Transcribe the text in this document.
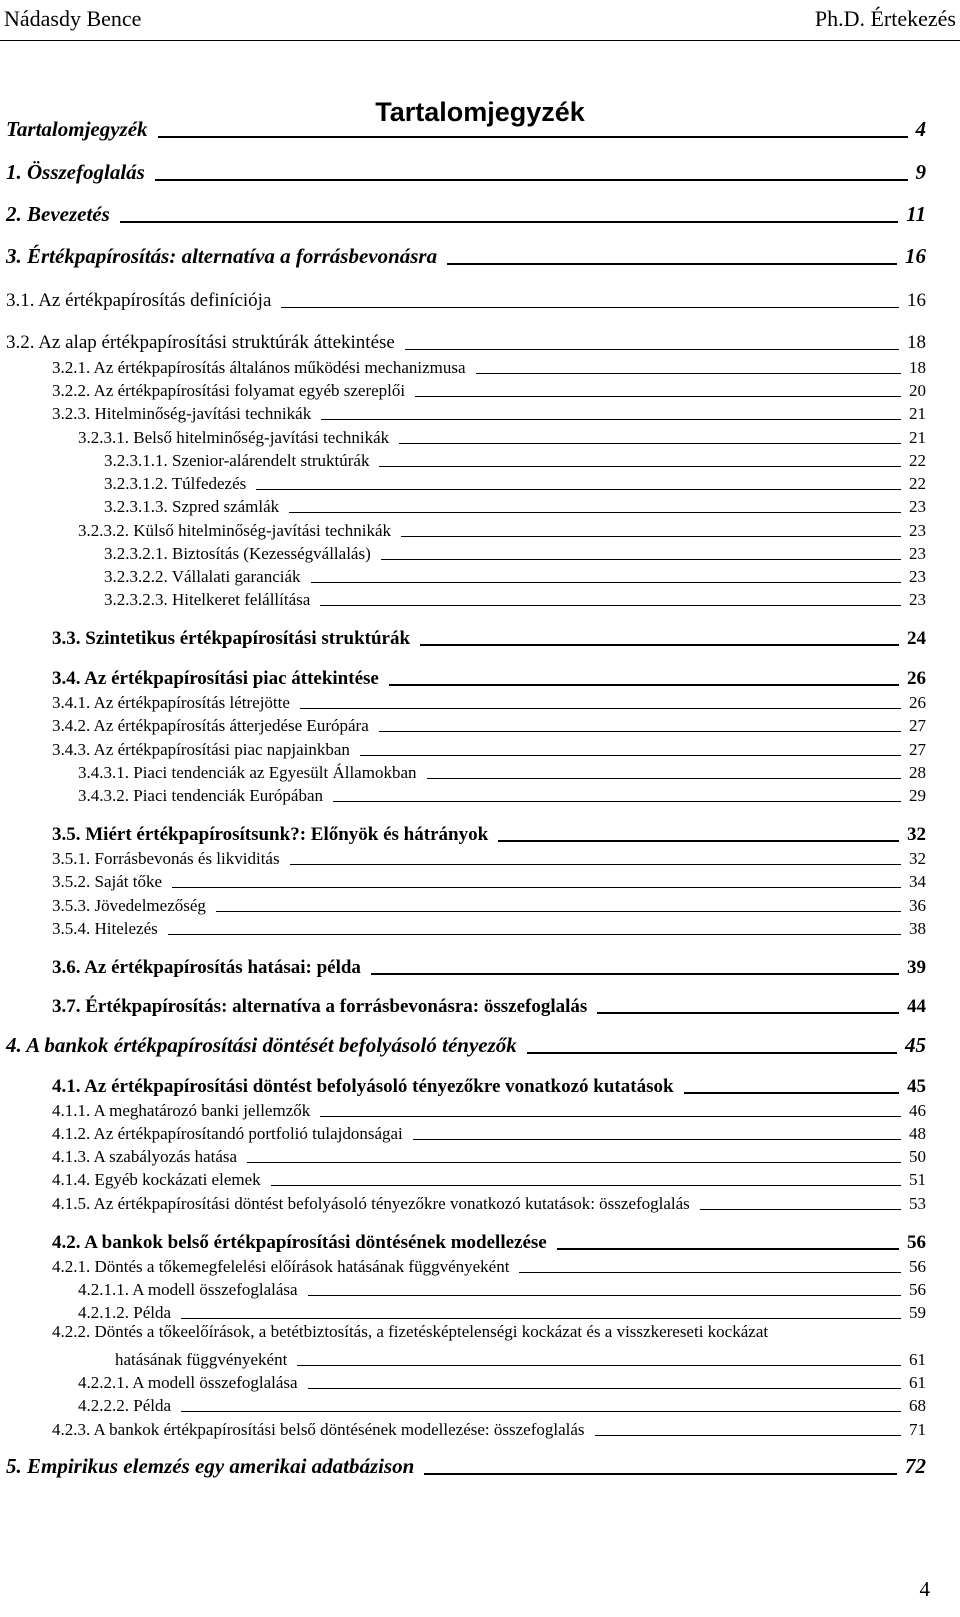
Nádasdy Bence	Ph.D. Értekezés
Tartalomjegyzék
Tartalomjegyzék	4
1. Összefoglalás	9
2. Bevezetés	11
3. Értékpapírosítás: alternatíva a forrásbevonásra	16
3.1. Az értékpapírosítás definíciója	16
3.2. Az alap értékpapírosítási struktúrák áttekintése	18
3.2.1. Az értékpapírosítás általános működési mechanizmusa	18
3.2.2. Az értékpapírosítási folyamat egyéb szereplői	20
3.2.3. Hitelminőség-javítási technikák	21
3.2.3.1. Belső hitelminőség-javítási technikák	21
3.2.3.1.1. Szenior-alárendelt struktúrák	22
3.2.3.1.2. Túlfedezés	22
3.2.3.1.3. Szpred számlák	23
3.2.3.2. Külső hitelminőség-javítási technikák	23
3.2.3.2.1. Biztosítás (Kezességvállalás)	23
3.2.3.2.2. Vállalati garanciák	23
3.2.3.2.3. Hitelkeret felállítása	23
3.3. Szintetikus értékpapírosítási struktúrák	24
3.4. Az értékpapírosítási piac áttekintése	26
3.4.1. Az értékpapírosítás létrejötte	26
3.4.2. Az értékpapírosítás átterjedése Európára	27
3.4.3. Az értékpapírosítási piac napjainkban	27
3.4.3.1. Piaci tendenciák az Egyesült Államokban	28
3.4.3.2. Piaci tendenciák Európában	29
3.5. Miért értékpapírosítsunk?: Előnyök és hátrányok	32
3.5.1. Forrásbevonás és likviditás	32
3.5.2. Saját tőke	34
3.5.3. Jövedelmezőség	36
3.5.4. Hitelezés	38
3.6. Az értékpapírosítás hatásai: példa	39
3.7. Értékpapírosítás: alternatíva a forrásbevonásra: összefoglalás	44
4. A bankok értékpapírosítási döntését befolyásoló tényezők	45
4.1. Az értékpapírosítási döntést befolyásoló tényezőkre vonatkozó kutatások	45
4.1.1. A meghatározó banki jellemzők	46
4.1.2. Az értékpapírosítandó portfolió tulajdonságai	48
4.1.3. A szabályozás hatása	50
4.1.4. Egyéb kockázati elemek	51
4.1.5. Az értékpapírosítási döntést befolyásoló tényezőkre vonatkozó kutatások: összefoglalás	53
4.2. A bankok belső értékpapírosítási döntésének modellezése	56
4.2.1. Döntés a tőkemegfelelési előírások hatásának függvényeként	56
4.2.1.1. A modell összefoglalása	56
4.2.1.2. Példa	59
4.2.2. Döntés a tőkeelőírások, a betétbiztosítás, a fizetésképtelenségi kockázat és a visszkereseti kockázat
hatásának függvényeként	61
4.2.2.1. A modell összefoglalása	61
4.2.2.2. Példa	68
4.2.3. A bankok értékpapírosítási belső döntésének modellezése: összefoglalás	71
5. Empirikus elemzés egy amerikai adatbázison	72
4
